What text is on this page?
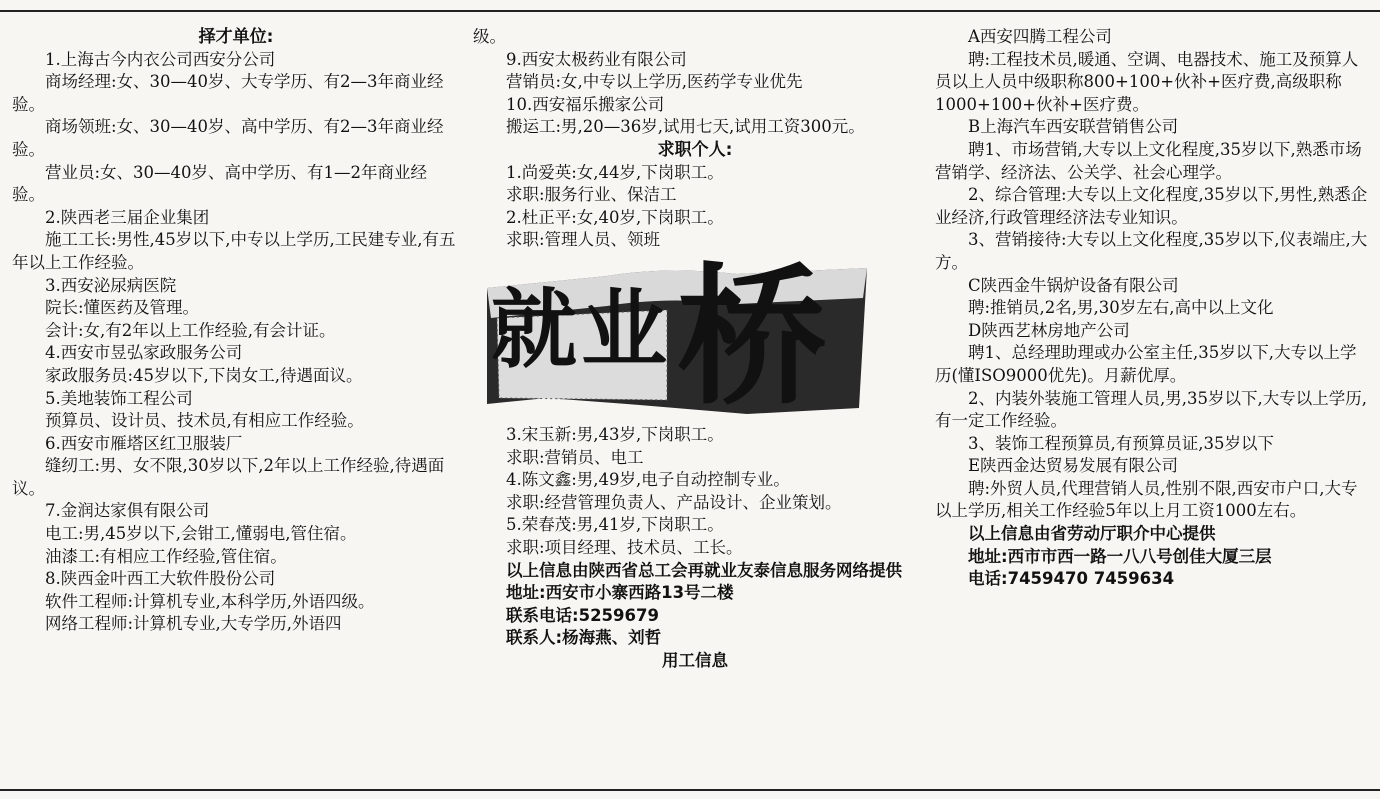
择才单位:

1.上海古今内衣公司西安分公司

商场经理:女、30—40岁、大专学历、有2—3年商业经验。

商场领班:女、30—40岁、高中学历、有2—3年商业经验。

营业员:女、30—40岁、高中学历、有1—2年商业经验。

2.陕西老三届企业集团

施工工长:男性,45岁以下,中专以上学历,工民建专业,有五年以上工作经验。

3.西安泌尿病医院

院长:懂医药及管理。

会计:女,有2年以上工作经验,有会计证。

4.西安市昱弘家政服务公司

家政服务员:45岁以下,下岗女工,待遇面议。

5.美地装饰工程公司

预算员、设计员、技术员,有相应工作经验。

6.西安市雁塔区红卫服装厂

缝纫工:男、女不限,30岁以下,2年以上工作经验,待遇面议。

7.金润达家俱有限公司

电工:男,45岁以下,会钳工,懂弱电,管住宿。

油漆工:有相应工作经验,管住宿。

8.陕西金叶西工大软件股份公司

软件工程师:计算机专业,本科学历,外语四级。

网络工程师:计算机专业,大专学历,外语四

级。

9.西安太极药业有限公司

营销员:女,中专以上学历,医药学专业优先

10.西安福乐搬家公司

搬运工:男,20—36岁,试用七天,试用工资300元。

求职个人:

1.尚爱英:女,44岁,下岗职工。

求职:服务行业、保洁工

2.杜正平:女,40岁,下岗职工。

求职:管理人员、领班

就业 桥

3.宋玉新:男,43岁,下岗职工。

求职:营销员、电工

4.陈文鑫:男,49岁,电子自动控制专业。

求职:经营管理负责人、产品设计、企业策划。

5.荣春茂:男,41岁,下岗职工。

求职:项目经理、技术员、工长。

以上信息由陕西省总工会再就业友泰信息服务网络提供

地址:西安市小寨西路13号二楼

联系电话:5259679

联系人:杨海燕、刘哲

用工信息

A西安四腾工程公司

聘:工程技术员,暖通、空调、电器技术、施工及预算人员以上人员中级职称800+100+伙补+医疗费,高级职称1000+100+伙补+医疗费。

B上海汽车西安联营销售公司

聘1、市场营销,大专以上文化程度,35岁以下,熟悉市场营销学、经济法、公关学、社会心理学。

2、综合管理:大专以上文化程度,35岁以下,男性,熟悉企业经济,行政管理经济法专业知识。

3、营销接待:大专以上文化程度,35岁以下,仪表端庄,大方。

C陕西金牛锅炉设备有限公司

聘:推销员,2名,男,30岁左右,高中以上文化

D陕西艺林房地产公司

聘1、总经理助理或办公室主任,35岁以下,大专以上学历(懂ISO9000优先)。月薪优厚。

2、内装外装施工管理人员,男,35岁以下,大专以上学历,有一定工作经验。

3、装饰工程预算员,有预算员证,35岁以下

E陕西金达贸易发展有限公司

聘:外贸人员,代理营销人员,性别不限,西安市户口,大专以上学历,相关工作经验5年以上月工资1000左右。

以上信息由省劳动厅职介中心提供

地址:西市市西一路一八八号创佳大厦三层

电话:7459470 7459634
